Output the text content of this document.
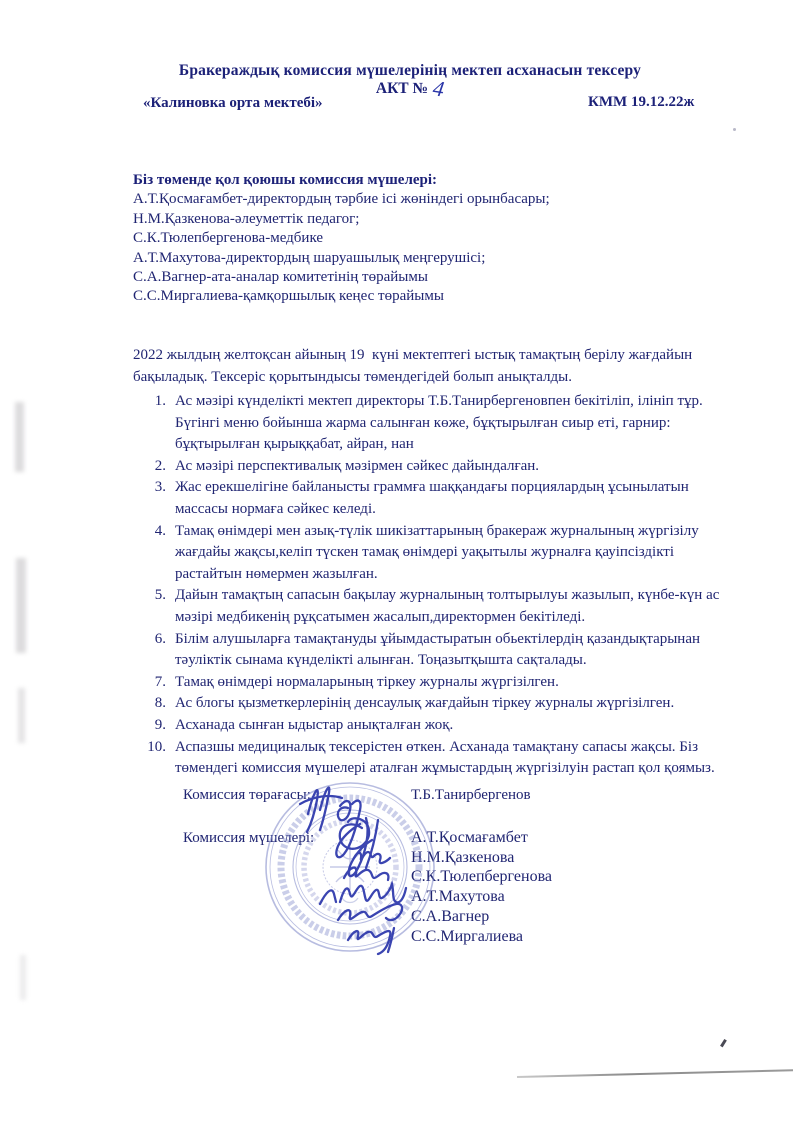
Бракераждық комиссия мүшелерінің мектеп асханасын тексеру
АКТ № 4
«Калиновка орта мектебі»	КММ 19.12.22ж
Біз төменде қол қоюшы комиссия мүшелері:
А.Т.Қосмағамбет-директордың тәрбие ісі жөніндегі орынбасары;
Н.М.Қазкенова-әлеуметтік педагог;
С.К.Тюлепбергенова-медбике
А.Т.Махутова-директордың шаруашылық меңгерушісі;
С.А.Вагнер-ата-аналар комитетінің төрайымы
С.С.Миргалиева-қамқоршылық кеңес төрайымы
2022 жылдың желтоқсан айының 19  күні мектептегі ыстық тамақтың берілу жағдайын бақыладық. Тексеріс қорытындысы төмендегідей болып анықталды.
Ас мәзірі күнделікті мектеп директоры Т.Б.Танирбергеновпен бекітіліп, ілініп тұр. Бүгінгі меню бойынша жарма салынған көже, бұқтырылған сиыр еті, гарнир: бұқтырылған қырыққабат, айран, нан
Ас мәзірі перспективалық мәзірмен сәйкес дайындалған.
Жас ерекшелігіне байланысты граммға шаққандағы порциялардың ұсынылатын массасы нормаға сәйкес келеді.
Тамақ өнімдері мен азық-түлік шикізаттарының бракераж журналының жүргізілу жағдайы жақсы,келіп түскен тамақ өнімдері уақытылы журналға қауіпсіздікті растайтын нөмермен жазылған.
Дайын тамақтың сапасын бақылау журналының толтырылуы жазылып, күнбе-күн ас мәзірі медбикенің рұқсатымен жасалып,директормен бекітіледі.
Білім алушыларға тамақтануды ұйымдастыратын обьектілердің қазандықтарынан тәуліктік сынама күнделікті алынған. Тоңазытқышта сақталады.
Тамақ өнімдері нормаларының тіркеу журналы жүргізілген.
Ас блогы қызметкерлерінің денсаулық жағдайын тіркеу журналы жүргізілген.
Асханада сынған ыдыстар анықталған жоқ.
Аспазшы медициналық тексерістен өткен. Асханада тамақтану сапасы жақсы. Біз төмендегі комиссия мүшелері аталған жұмыстардың жүргізілуін растап қол қоямыз.
Комиссия төрағасы:	Т.Б.Танирбергенов
Комиссия мүшелері:	А.Т.Қосмағамбет
Н.М.Қазкенова
С.К.Тюлепбергенова
А.Т.Махутова
С.А.Вагнер
С.С.Миргалиева
